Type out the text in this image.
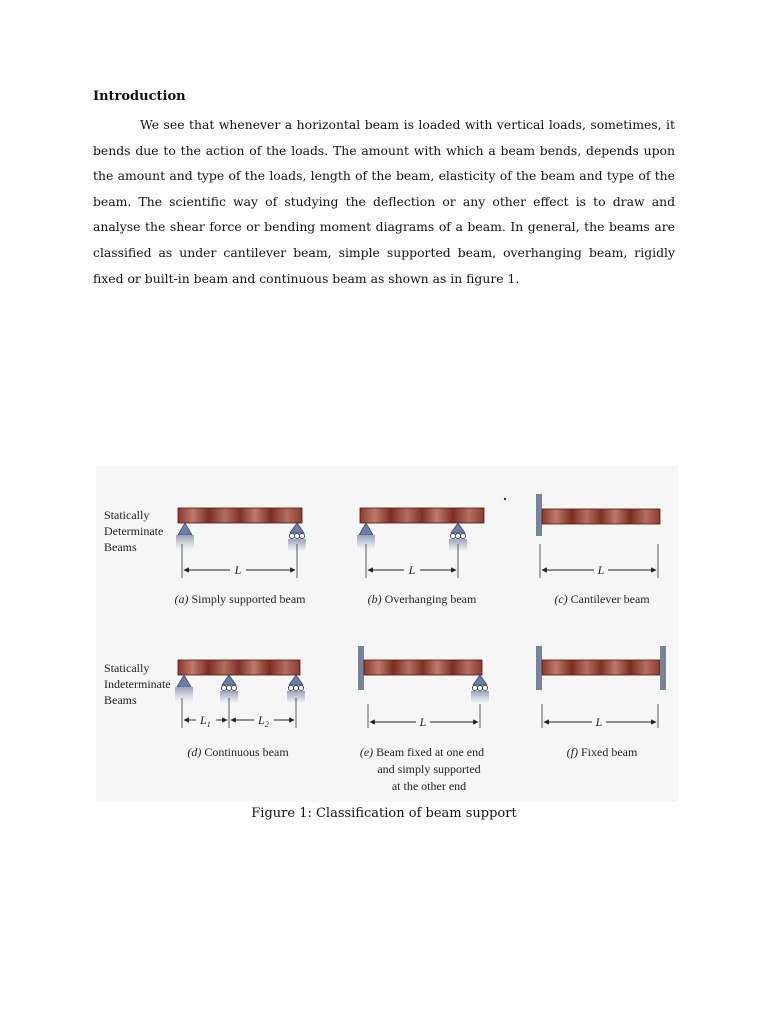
Introduction

We see that whenever a horizontal beam is loaded with vertical loads, sometimes, it bends due to the action of the loads. The amount with which a beam bends, depends upon the amount and type of the loads, length of the beam, elasticity of the beam and type of the beam. The scientific way of studying the deflection or any other effect is to draw and analyse the shear force or bending moment diagrams of a beam. In general, the beams are classified as under cantilever beam, simple supported beam, overhanging beam, rigidly fixed or built-in beam and continuous beam as shown as in figure 1.

Statically Determinate Beams
Statically Indeterminate Beams
L
(a) Simply supported beam
L
(b) Overhanging beam
L
(c) Cantilever beam
$L_1$	$L_2$
(d) Continuous beam
L
(e) Beam fixed at one end
and simply supported
at the other end
L
(f) Fixed beam
Figure 1: Classification of beam support
